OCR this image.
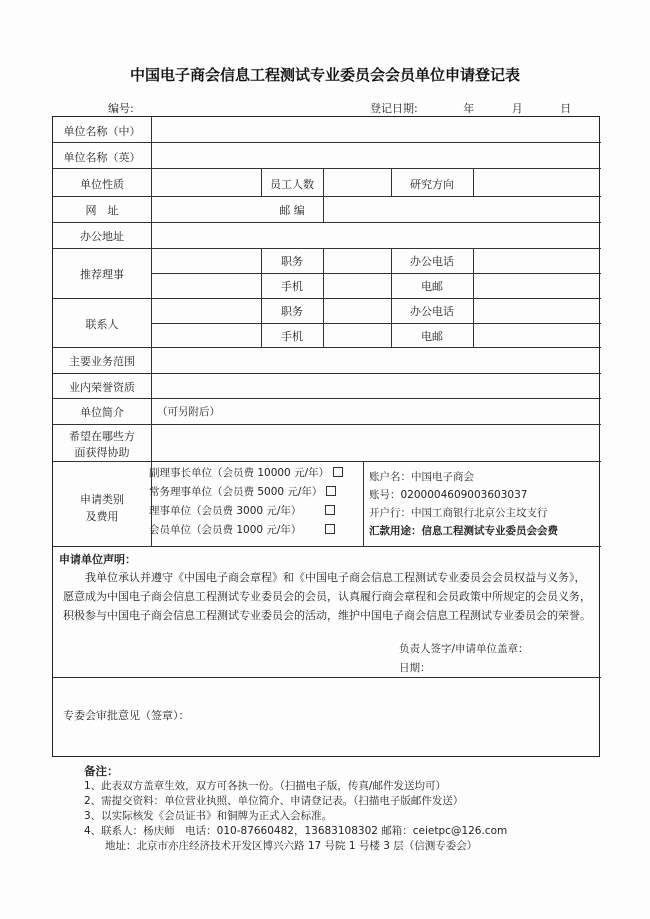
中国电子商会信息工程测试专业委员会会员单位申请登记表
编号:	登记日期:	年	月	日
单位名称（中）
单位名称（英）
单位性质	员工人数	研究方向
网　址	邮 编
办公地址
推荐理事
职务	办公电话
手机	电邮
联系人
职务	办公电话
手机	电邮
主要业务范围
业内荣誉资质
单位简介	（可另附后）
希望在哪些方
面获得协助
申请类别
及费用
副理事长单位（会员费 10000 元/年）
常务理事单位（会员费 5000 元/年）
理事单位（会员费 3000 元/年）
会员单位（会员费 1000 元/年）
账户名：中国电子商会
账号：0200004609003603037
开户行：中国工商银行北京公主坟支行
汇款用途：信息工程测试专业委员会会费
申请单位声明：
我单位承认并遵守《中国电子商会章程》和《中国电子商会信息工程测试专业委员会会员权益与义务》，愿意成为中国电子商会信息工程测试专业委员会的会员，认真履行商会章程和会员政策中所规定的会员义务，积极参与中国电子商会信息工程测试专业委员会的活动，维护中国电子商会信息工程测试专业委员会的荣誉。
负责人签字/申请单位盖章：
日期：
专委会审批意见（签章）：
备注：
1、此表双方盖章生效，双方可各执一份。（扫描电子版，传真/邮件发送均可）
2、需提交资料：单位营业执照、单位简介、申请登记表。（扫描电子版邮件发送）
3、以实际核发《会员证书》和铜牌为正式入会标准。
4、联系人：杨庆师　电话：010-87660482，13683108302 邮箱：ceietpc@126.com
　　地址：北京市亦庄经济技术开发区博兴六路 17 号院 1 号楼 3 层（信测专委会）
